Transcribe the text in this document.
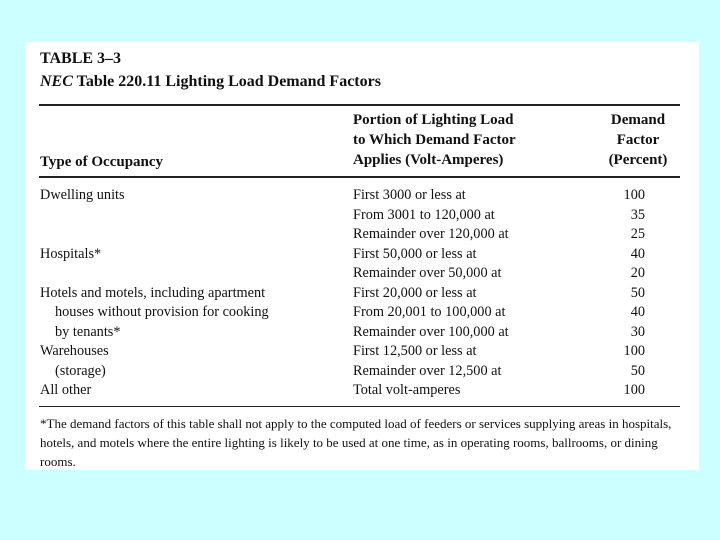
TABLE 3–3
NEC Table 220.11 Lighting Load Demand Factors
Type of Occupancy
Portion of Lighting Load
to Which Demand Factor
Applies (Volt-Amperes)
Demand
Factor
(Percent)
Dwelling units
Hospitals*
Hotels and motels, including apartment
houses without provision for cooking
by tenants*
Warehouses
(storage)
All other
First 3000 or less at
From 3001 to 120,000 at
Remainder over 120,000 at
First 50,000 or less at
Remainder over 50,000 at
First 20,000 or less at
From 20,001 to 100,000 at
Remainder over 100,000 at
First 12,500 or less at
Remainder over 12,500 at
Total volt-amperes
100
35
25
40
20
50
40
30
100
50
100
*The demand factors of this table shall not apply to the computed load of feeders or services supplying areas in hospitals, hotels, and motels where the entire lighting is likely to be used at one time, as in operating rooms, ballrooms, or dining rooms.
